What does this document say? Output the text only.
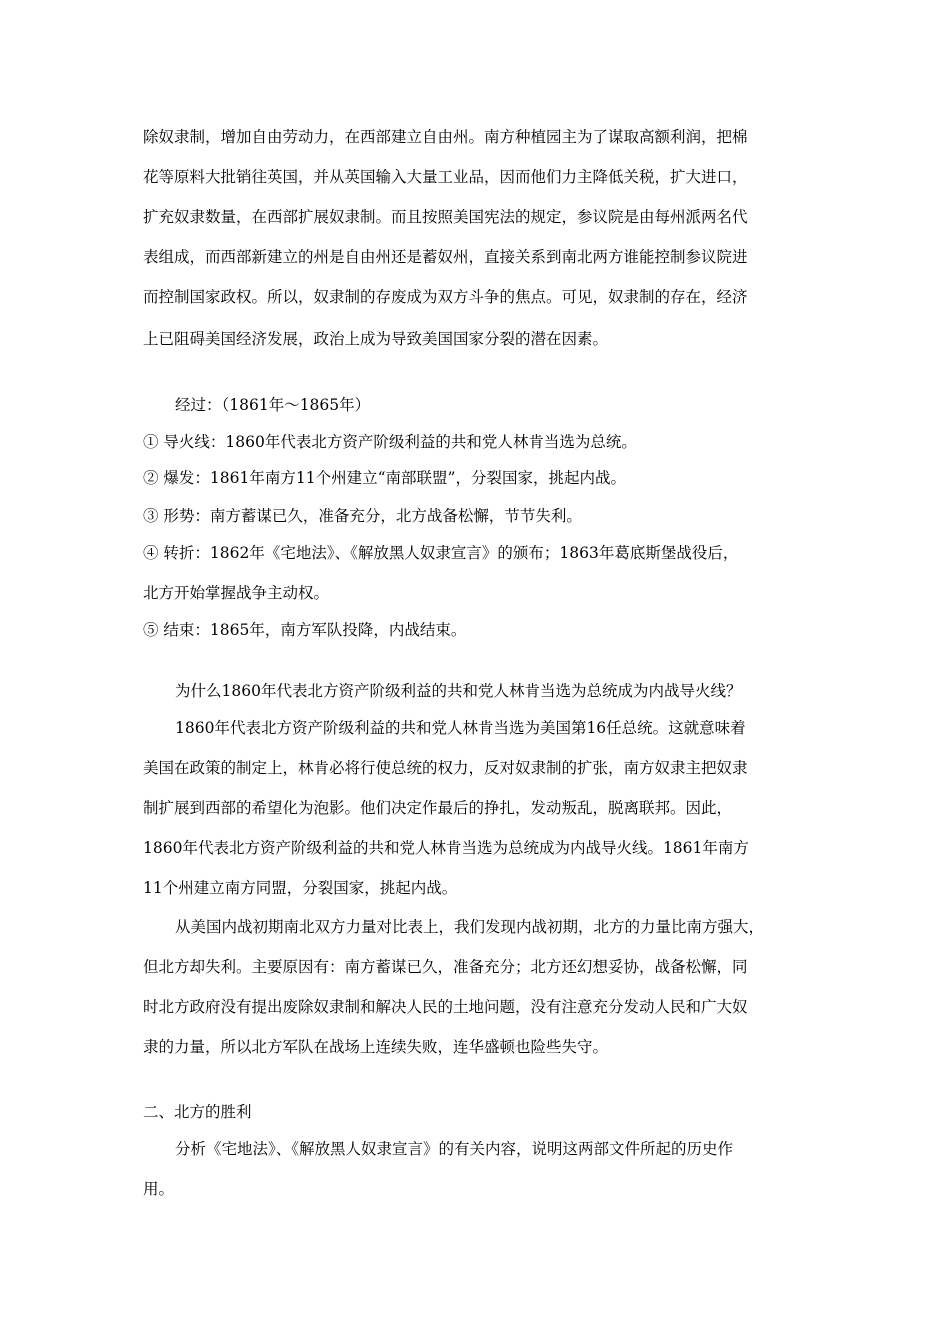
除奴隶制，增加自由劳动力，在西部建立自由州。南方种植园主为了谋取高额利润，把棉
花等原料大批销往英国，并从英国输入大量工业品，因而他们力主降低关税，扩大进口，
扩充奴隶数量，在西部扩展奴隶制。而且按照美国宪法的规定，参议院是由每州派两名代
表组成，而西部新建立的州是自由州还是蓄奴州，直接关系到南北两方谁能控制参议院进
而控制国家政权。所以，奴隶制的存废成为双方斗争的焦点。可见，奴隶制的存在，经济
上已阻碍美国经济发展，政治上成为导致美国国家分裂的潜在因素。
经过：（1861年～1865年）
① 导火线：1860年代表北方资产阶级利益的共和党人林肯当选为总统。
② 爆发：1861年南方11个州建立“南部联盟”，分裂国家，挑起内战。
③ 形势：南方蓄谋已久，准备充分，北方战备松懈，节节失利。
④ 转折：1862年《宅地法》、《解放黑人奴隶宣言》的颁布；1863年葛底斯堡战役后，
北方开始掌握战争主动权。
⑤ 结束：1865年，南方军队投降，内战结束。
为什么1860年代表北方资产阶级利益的共和党人林肯当选为总统成为内战导火线？
1860年代表北方资产阶级利益的共和党人林肯当选为美国第16任总统。这就意味着
美国在政策的制定上，林肯必将行使总统的权力，反对奴隶制的扩张，南方奴隶主把奴隶
制扩展到西部的希望化为泡影。他们决定作最后的挣扎，发动叛乱，脱离联邦。因此，
1860年代表北方资产阶级利益的共和党人林肯当选为总统成为内战导火线。1861年南方
11个州建立南方同盟，分裂国家，挑起内战。
从美国内战初期南北双方力量对比表上，我们发现内战初期，北方的力量比南方强大，
但北方却失利。主要原因有：南方蓄谋已久，准备充分；北方还幻想妥协，战备松懈，同
时北方政府没有提出废除奴隶制和解决人民的土地问题，没有注意充分发动人民和广大奴
隶的力量，所以北方军队在战场上连续失败，连华盛顿也险些失守。
二、北方的胜利
分析《宅地法》、《解放黑人奴隶宣言》的有关内容，说明这两部文件所起的历史作
用。
